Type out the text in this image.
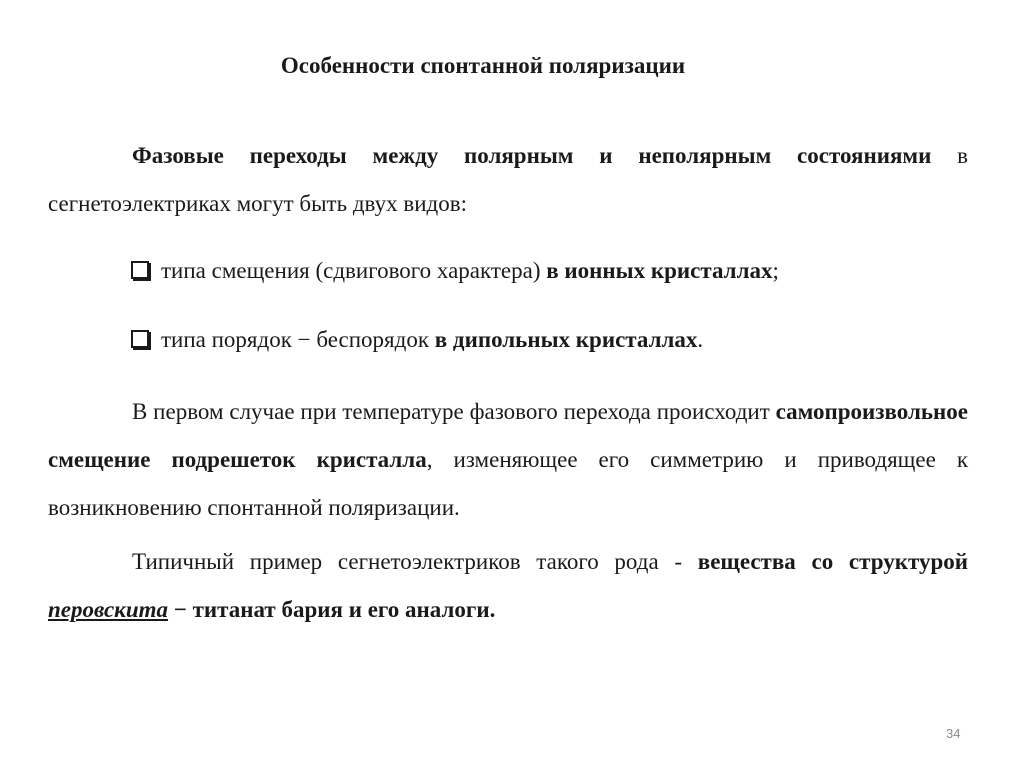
Особенности спонтанной поляризации
Фазовые переходы между полярным и неполярным состояниями в сегнетоэлектриках могут быть двух видов:
типа смещения (сдвигового характера) в ионных кристаллах;
типа порядок − беспорядок в дипольных кристаллах.
В первом случае при температуре фазового перехода происходит самопроизвольное смещение подрешеток кристалла, изменяющее его симметрию и приводящее к возникновению спонтанной поляризации.
Типичный пример сегнетоэлектриков такого рода - вещества со структурой перовскита − титанат бария и его аналоги.
34
